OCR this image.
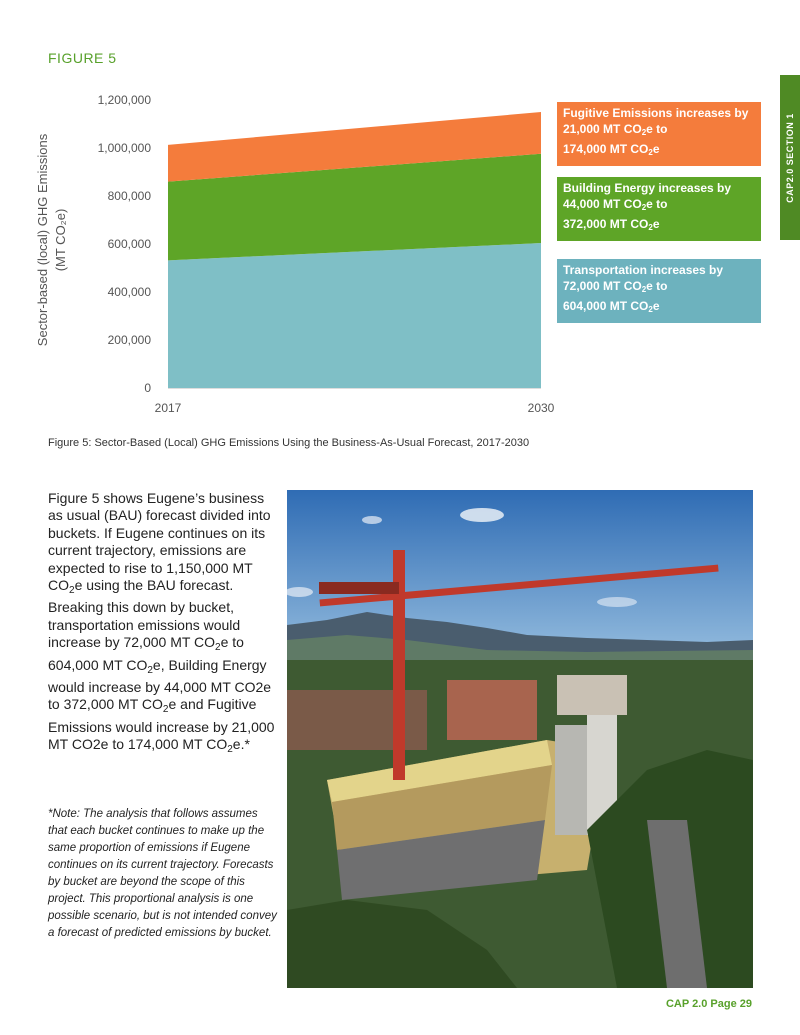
FIGURE 5
CAP2.0 SECTION 1
0
200,000
400,000
600,000
800,000
1,000,000
1,200,000
2017	2030
Sector-based (local) GHG Emissions (MT CO₂e)
Fugitive Emissions increases by
21,000 MT $CO_2e$ to
174,000 MT $CO_2e$
Building Energy increases by
44,000 MT $CO_2e$ to
372,000 MT $CO_2e$
Transportation increases by
72,000 MT $CO_2e$ to
604,000 MT $CO_2e$
Figure 5: Sector-Based (Local) GHG Emissions Using the Business-As-Usual Forecast, 2017-2030
Figure 5 shows Eugene’s business as usual (BAU) forecast divided into buckets. If Eugene continues on its current trajectory, emissions are expected to rise to 1,150,000 MT $CO_2e$ using the BAU forecast. Breaking this down by bucket, transportation emissions would increase by 72,000 MT $CO_2e$ to 604,000 MT $CO_2e$, Building Energy would increase by 44,000 MT CO2e to 372,000 MT $CO_2e$ and Fugitive Emissions would increase by 21,000 MT CO2e to 174,000 MT $CO_2e.*$
*Note: The analysis that follows assumes that each bucket continues to make up the same proportion of emissions if Eugene continues on its current trajectory. Forecasts by bucket are beyond the scope of this project. This proportional analysis is one possible scenario, but is not intended convey a forecast of predicted emissions by bucket.
CAP 2.0 Page 29
